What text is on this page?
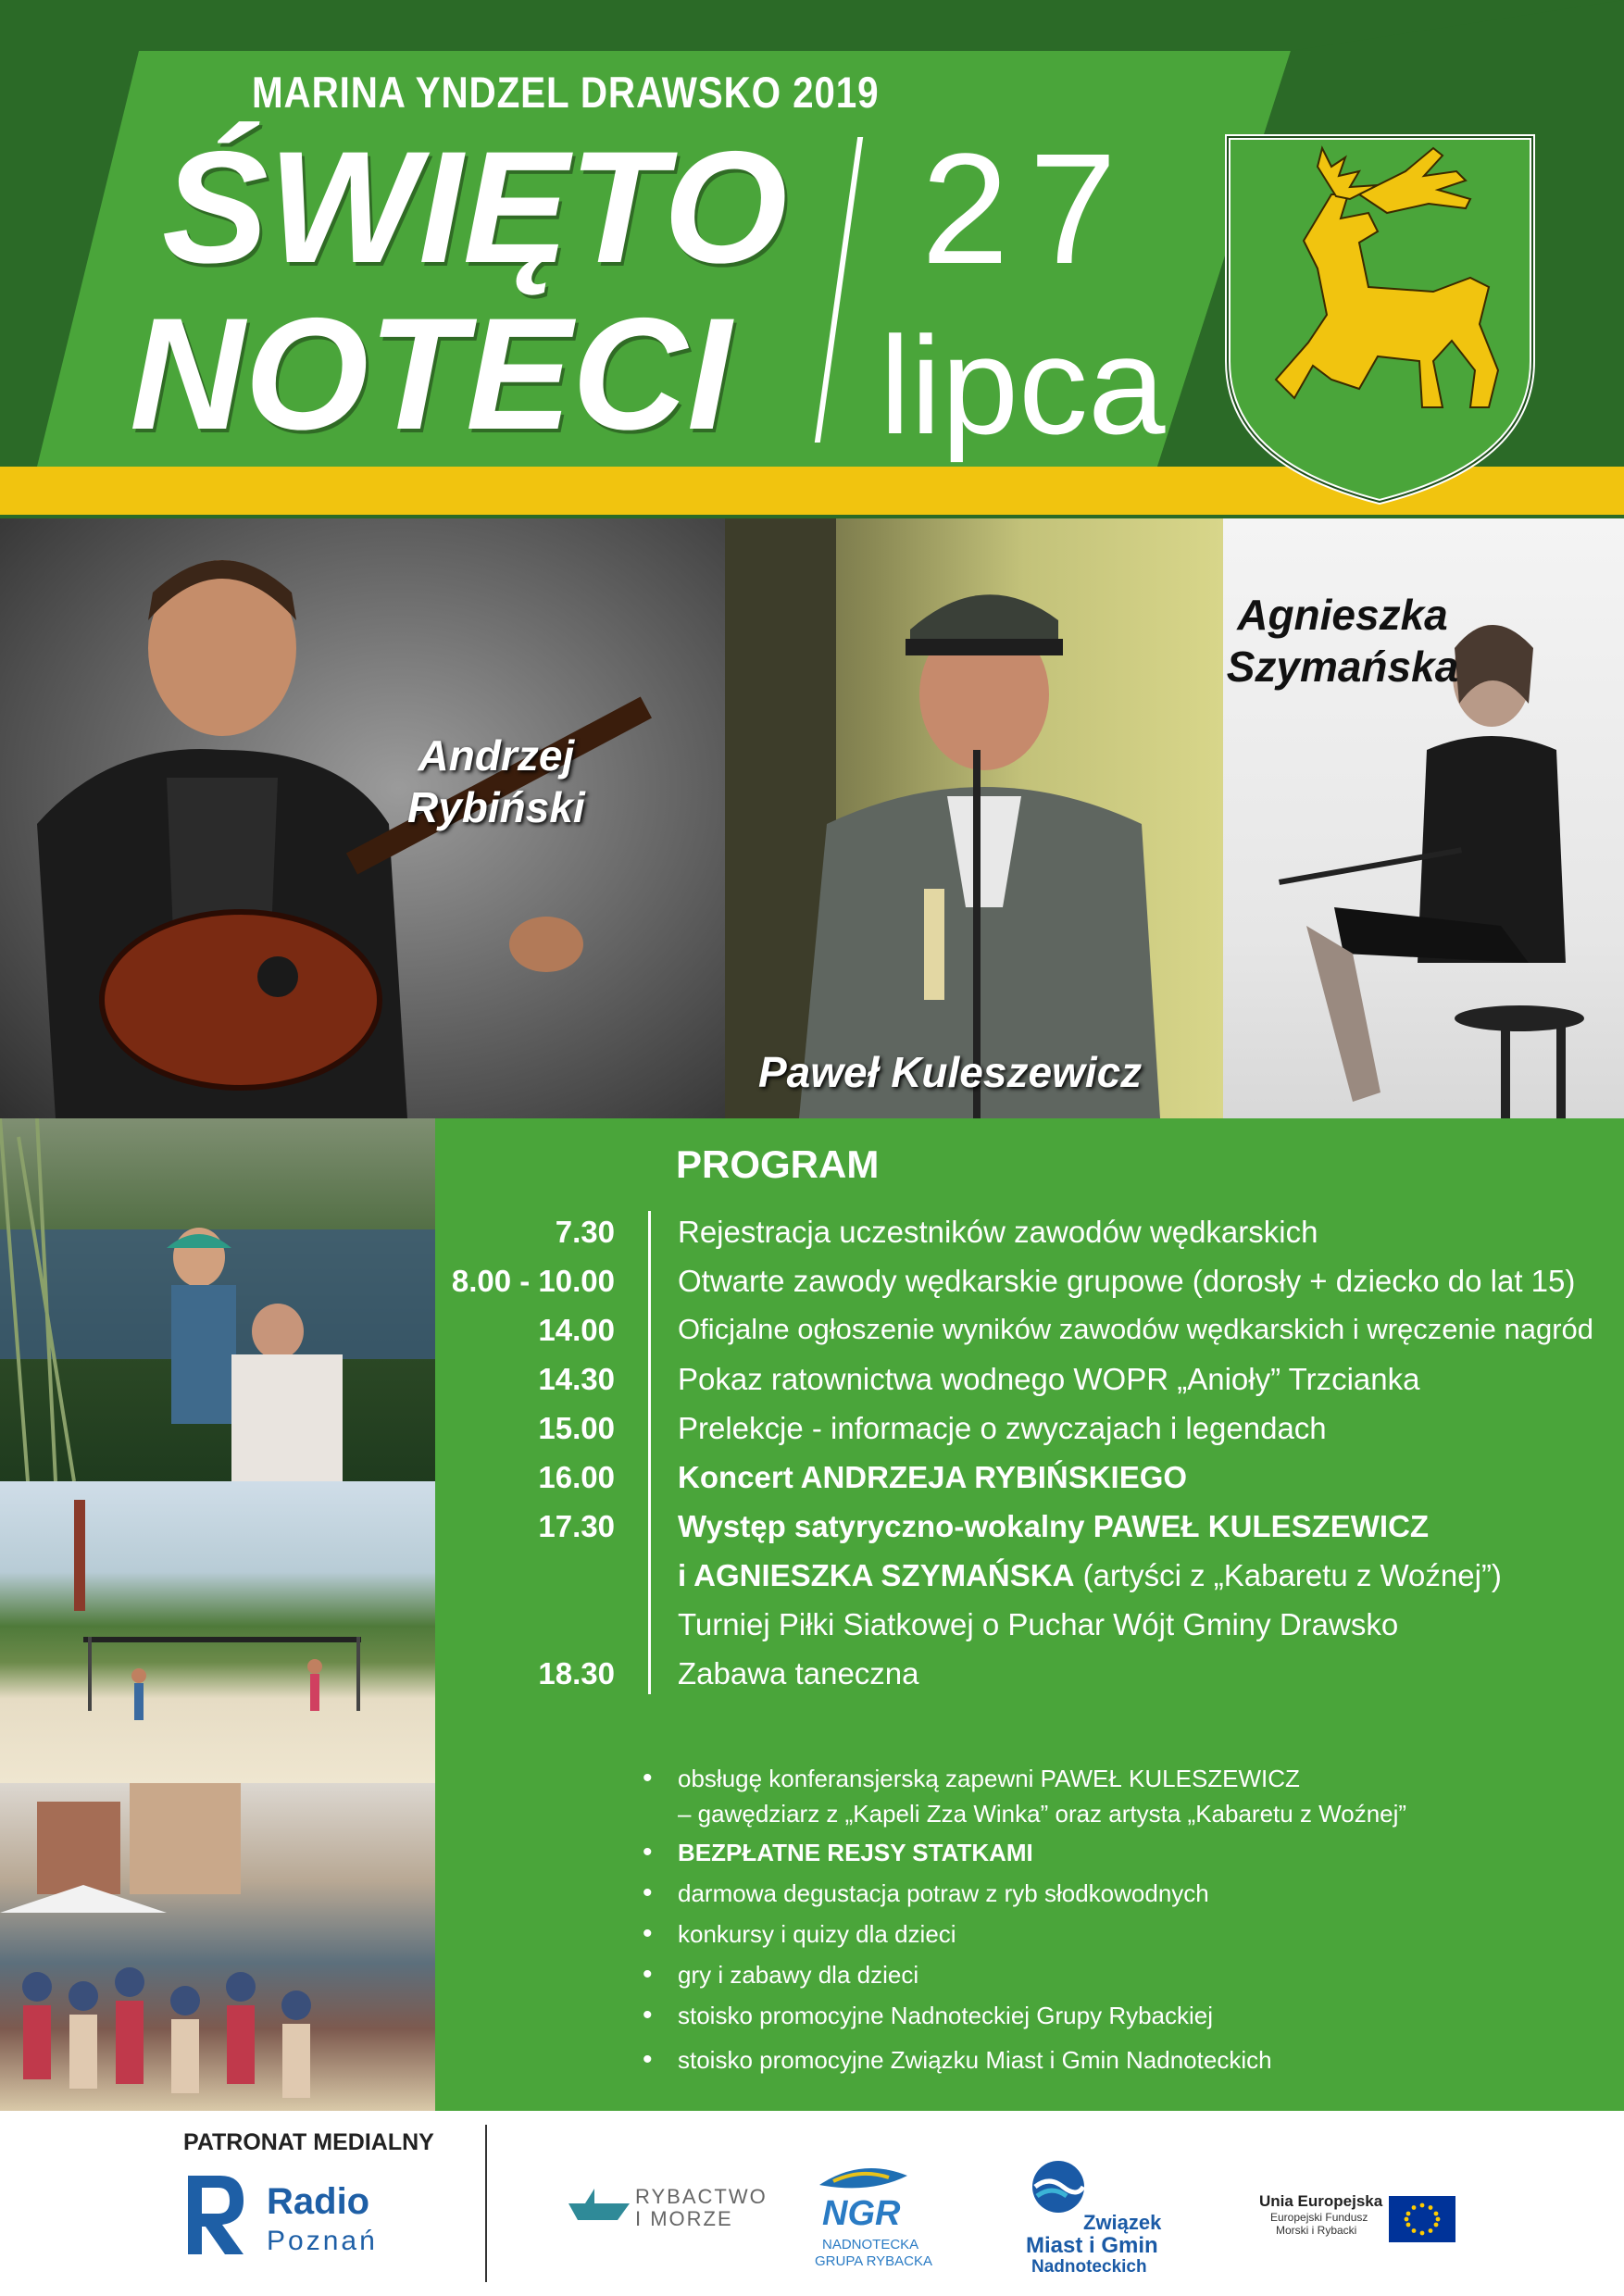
MARINA YNDZEL DRAWSKO 2019
ŚWIĘTO
NOTECI
27
lipca
Andrzej
Rybiński
Paweł Kuleszewicz
Agnieszka
Szymańska
PROGRAM
7.30 Rejestracja uczestników zawodów wędkarskich
8.00 - 10.00 Otwarte zawody wędkarskie grupowe (dorosły + dziecko do lat 15)
14.00 Oficjalne ogłoszenie wyników zawodów wędkarskich i wręczenie nagród
14.30 Pokaz ratownictwa wodnego WOPR „Anioły” Trzcianka
15.00 Prelekcje - informacje o zwyczajach i legendach
16.00 Koncert ANDRZEJA RYBIŃSKIEGO
17.30 Występ satyryczno-wokalny PAWEŁ KULESZEWICZ
i AGNIESZKA SZYMAŃSKA (artyści z „Kabaretu z Woźnej”)
Turniej Piłki Siatkowej o Puchar Wójt Gminy Drawsko
18.30 Zabawa taneczna
• obsługę konferansjerską zapewni PAWEŁ KULESZEWICZ
– gawędziarz z „Kapeli Zza Winka” oraz artysta „Kabaretu z Woźnej”
• BEZPŁATNE REJSY STATKAMI
• darmowa degustacja potraw z ryb słodkowodnych
• konkursy i quizy dla dzieci
• gry i zabawy dla dzieci
• stoisko promocyjne Nadnoteckiej Grupy Rybackiej
• stoisko promocyjne Związku Miast i Gmin Nadnoteckich
PATRONAT MEDIALNY
Radio
Poznań
RYBACTWO
I MORZE	NGR
NADNOTECKA
GRUPA RYBACKA
Związek
Miast i Gmin
Nadnoteckich
Unia Europejska
Europejski Fundusz
Morski i Rybacki
